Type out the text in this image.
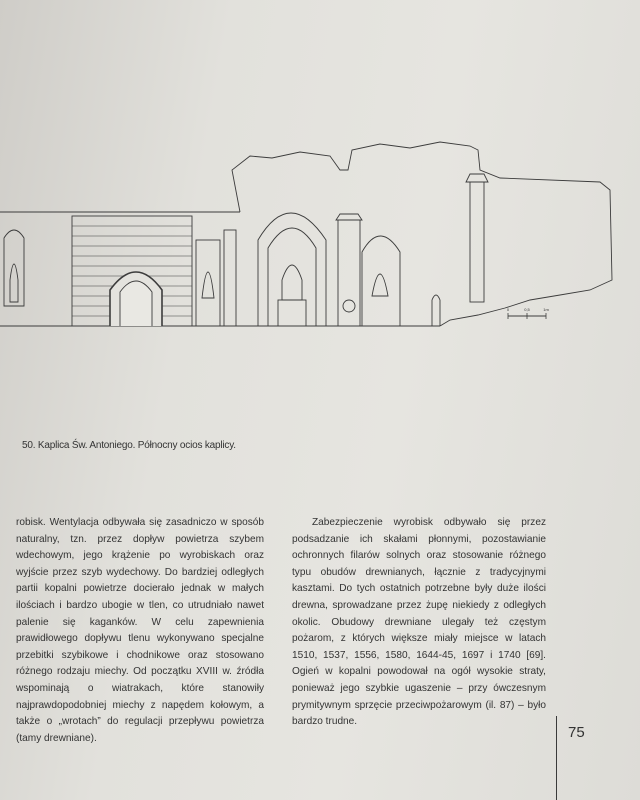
0	0,5	1m
50. Kaplica Św. Antoniego. Północny ocios kaplicy.

robisk. Wentylacja odbywała się zasadniczo w sposób naturalny, tzn. przez dopływ powietrza szybem wdechowym, jego krążenie po wyrobiskach oraz wyjście przez szyb wydechowy. Do bardziej odległych partii kopalni powietrze docierało jednak w małych ilościach i bardzo ubogie w tlen, co utrudniało nawet palenie się kaganków. W celu zapewnienia prawidłowego dopływu tlenu wykonywano specjalne przebitki szybikowe i chodnikowe oraz stosowano różnego rodzaju miechy. Od początku XVIII w. źródła wspominają o wiatrakach, które stanowiły najprawdopodobniej miechy z napędem kołowym, a także o „wrotach” do regulacji przepływu powietrza (tamy drewniane).

Zabezpieczenie wyrobisk odbywało się przez podsadzanie ich skałami płonnymi, pozostawianie ochronnych filarów solnych oraz stosowanie różnego typu obudów drewnianych, łącznie z tradycyjnymi kasztami. Do tych ostatnich potrzebne były duże ilości drewna, sprowadzane przez żupę niekiedy z odległych okolic. Obudowy drewniane ulegały też częstym pożarom, z których większe miały miejsce w latach 1510, 1537, 1556, 1580, 1644-45, 1697 i 1740 [69]. Ogień w kopalni powodował na ogół wysokie straty, ponieważ jego szybkie ugaszenie – przy ówczesnym prymitywnym sprzęcie przeciwpożarowym (il. 87) – było bardzo trudne.

75
